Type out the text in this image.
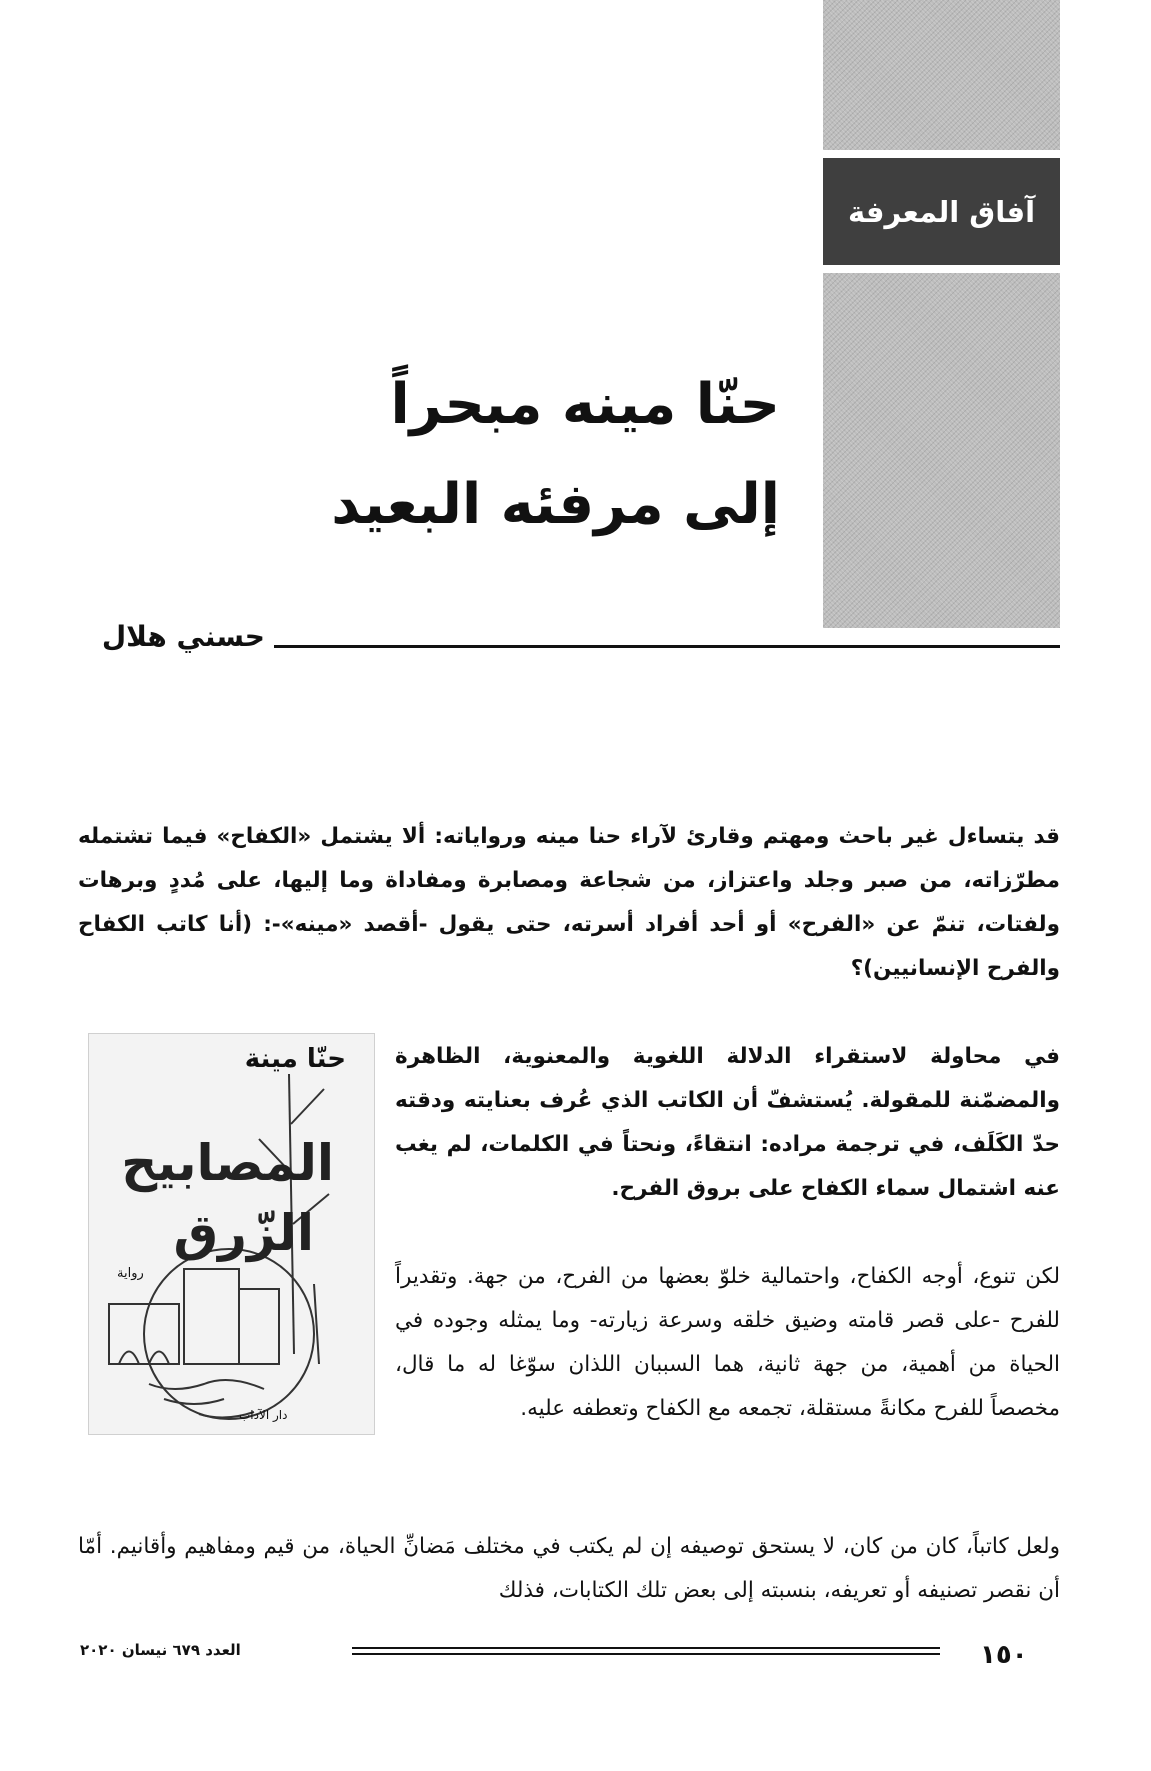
آفاق المعرفة
حنّا مينه مبحراً
إلى مرفئه البعيد
حسني هلال

قد يتساءل غير باحث ومهتم وقارئ لآراء حنا مينه ورواياته: ألا يشتمل «الكفاح» فيما تشتمله مطرّزاته، من صبر وجلد واعتزاز، من شجاعة ومصابرة ومفاداة وما إليها، على مُددٍ وبرهات ولفتات، تنمّ عن «الفرح» أو أحد أفراد أسرته، حتى يقول -أقصد «مينه»-: (أنا كاتب الكفاح والفرح الإنسانيين)؟

حنّا مينة
المصابيح
الزّرق
رواية
دار الآداب

في محاولة لاستقراء الدلالة اللغوية والمعنوية، الظاهرة والمضمّنة للمقولة. يُستشفّ أن الكاتب الذي عُرف بعنايته ودقته حدّ الكَلَف، في ترجمة مراده: انتقاءً، ونحتاً في الكلمات، لم يغب عنه اشتمال سماء الكفاح على بروق الفرح.

لكن تنوع، أوجه الكفاح، واحتمالية خلوّ بعضها من الفرح، من جهة. وتقديراً للفرح -على قصر قامته وضيق خلقه وسرعة زيارته- وما يمثله وجوده في الحياة من أهمية، من جهة ثانية، هما السببان اللذان سوّغا له ما قال، مخصصاً للفرح مكانةً مستقلة، تجمعه مع الكفاح وتعطفه عليه.

ولعل كاتباً، كان من كان، لا يستحق توصيفه إن لم يكتب في مختلف مَضانِّ الحياة، من قيم ومفاهيم وأقانيم. أمّا أن نقصر تصنيفه أو تعريفه، بنسبته إلى بعض تلك الكتابات، فذلك

١٥٠
العدد ٦٧٩ نيسان ٢٠٢٠
